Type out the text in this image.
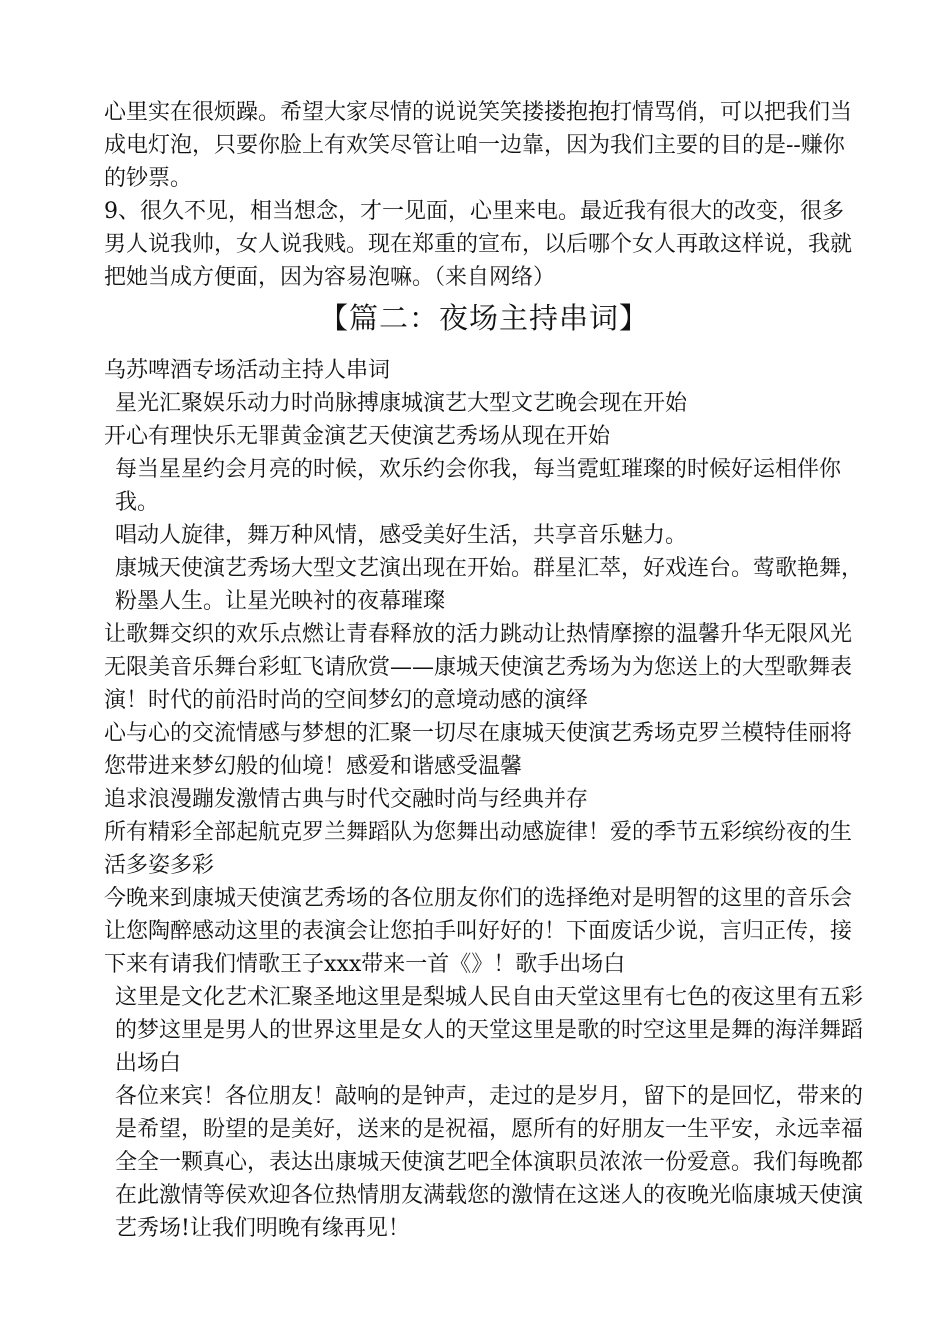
心里实在很烦躁。希望大家尽情的说说笑笑搂搂抱抱打情骂俏，可以把我们当成电灯泡，只要你脸上有欢笑尽管让咱一边靠，因为我们主要的目的是--赚你的钞票。

9、很久不见，相当想念，才一见面，心里来电。最近我有很大的改变，很多男人说我帅，女人说我贱。现在郑重的宣布，以后哪个女人再敢这样说，我就把她当成方便面，因为容易泡嘛。（来自网络）

【篇二：夜场主持串词】

乌苏啤酒专场活动主持人串词

星光汇聚娱乐动力时尚脉搏康城演艺大型文艺晚会现在开始

开心有理快乐无罪黄金演艺天使演艺秀场从现在开始

每当星星约会月亮的时候，欢乐约会你我，每当霓虹璀璨的时候好运相伴你我。

唱动人旋律，舞万种风情，感受美好生活，共享音乐魅力。

康城天使演艺秀场大型文艺演出现在开始。群星汇萃，好戏连台。莺歌艳舞，粉墨人生。让星光映衬的夜幕璀璨

让歌舞交织的欢乐点燃让青春释放的活力跳动让热情摩擦的温馨升华无限风光无限美音乐舞台彩虹飞请欣赏——康城天使演艺秀场为为您送上的大型歌舞表演！时代的前沿时尚的空间梦幻的意境动感的演绎

心与心的交流情感与梦想的汇聚一切尽在康城天使演艺秀场克罗兰模特佳丽将您带进来梦幻般的仙境！感爱和谐感受温馨

追求浪漫蹦发激情古典与时代交融时尚与经典并存

所有精彩全部起航克罗兰舞蹈队为您舞出动感旋律！爱的季节五彩缤纷夜的生活多姿多彩

今晚来到康城天使演艺秀场的各位朋友你们的选择绝对是明智的这里的音乐会让您陶醉感动这里的表演会让您拍手叫好好的！下面废话少说，言归正传，接下来有请我们情歌王子xxx带来一首《》！歌手出场白

这里是文化艺术汇聚圣地这里是梨城人民自由天堂这里有七色的夜这里有五彩的梦这里是男人的世界这里是女人的天堂这里是歌的时空这里是舞的海洋舞蹈出场白

各位来宾！各位朋友！敲响的是钟声，走过的是岁月，留下的是回忆，带来的是希望，盼望的是美好，送来的是祝福，愿所有的好朋友一生平安，永远幸福全全一颗真心，表达出康城天使演艺吧全体演职员浓浓一份爱意。我们每晚都在此激情等侯欢迎各位热情朋友满载您的激情在这迷人的夜晚光临康城天使演艺秀场!让我们明晚有缘再见！
